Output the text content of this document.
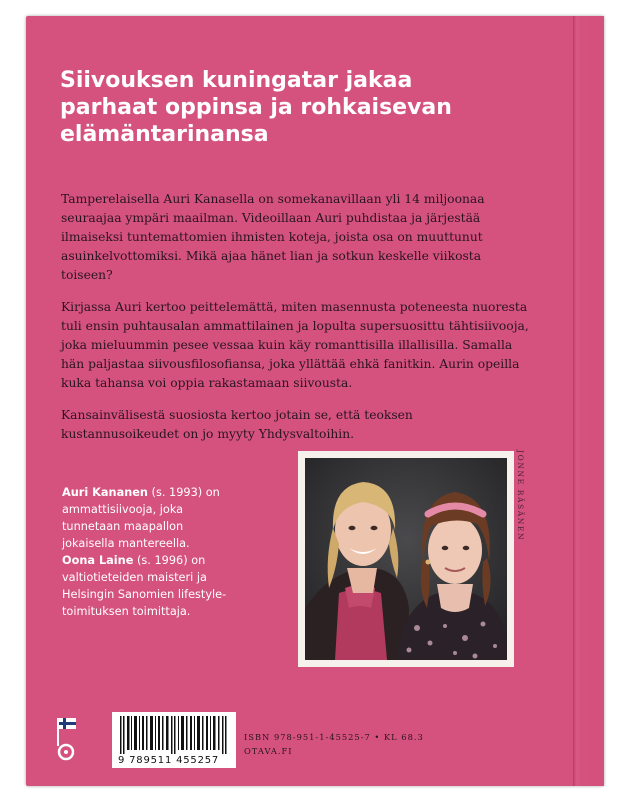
Siivouksen kuningatar jakaa
parhaat oppinsa ja rohkaisevan
elämäntarinansa

Tamperelaisella Auri Kanasella on somekanavillaan yli 14 miljoonaa seuraajaa ympäri maailman. Videoillaan Auri puhdistaa ja järjestää ilmaiseksi tuntemattomien ihmisten koteja, joista osa on muuttunut asuinkelvottomiksi. Mikä ajaa hänet lian ja sotkun keskelle viikosta toiseen?

Kirjassa Auri kertoo peittelemättä, miten masennusta poteneesta nuoresta tuli ensin puhtausalan ammattilainen ja lopulta supersuosittu tähtisiivooja, joka mieluummin pesee vessaa kuin käy romanttisilla illallisilla. Samalla hän paljastaa siivousfilosofiansa, joka yllättää ehkä fanitkin. Aurin opeilla kuka tahansa voi oppia rakastamaan siivousta.

Kansainvälisestä suosiosta kertoo jotain se, että teoksen kustannusoikeudet on jo myyty Yhdysvaltoihin.

Auri Kananen (s. 1993) on
ammattisiivooja, joka
tunnetaan maapallon
jokaisella mantereella.

Oona Laine (s. 1996) on
valtiotieteiden maisteri ja
Helsingin Sanomien lifestyle-
toimituksen toimittaja.

JONNE RÄSÄNEN
9 789511 455257
ISBN 978-951-1-45525-7 • KL 68.3
OTAVA.FI
